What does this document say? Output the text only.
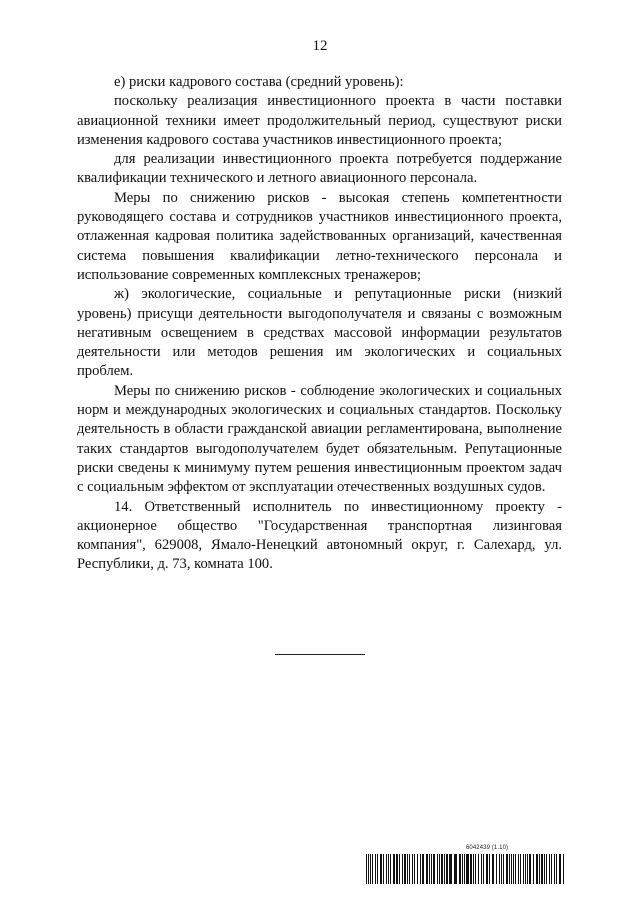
12

е) риски кадрового состава (средний уровень):

поскольку реализация инвестиционного проекта в части поставки авиационной техники имеет продолжительный период, существуют риски изменения кадрового состава участников инвестиционного проекта;

для реализации инвестиционного проекта потребуется поддержание квалификации технического и летного авиационного персонала.

Меры по снижению рисков - высокая степень компетентности руководящего состава и сотрудников участников инвестиционного проекта, отлаженная кадровая политика задействованных организаций, качественная система повышения квалификации летно-технического персонала и использование современных комплексных тренажеров;

ж) экологические, социальные и репутационные риски (низкий уровень) присущи деятельности выгодополучателя и связаны с возможным негативным освещением в средствах массовой информации результатов деятельности или методов решения им экологических и социальных проблем.

Меры по снижению рисков - соблюдение экологических и социальных норм и международных экологических и социальных стандартов. Поскольку деятельность в области гражданской авиации регламентирована, выполнение таких стандартов выгодополучателем будет обязательным. Репутационные риски сведены к минимуму путем решения инвестиционным проектом задач с социальным эффектом от эксплуатации отечественных воздушных судов.

14. Ответственный исполнитель по инвестиционному проекту - акционерное общество "Государственная транспортная лизинговая компания", 629008, Ямало-Ненецкий автономный округ, г. Салехард, ул. Республики, д. 73, комната 100.

6042439 (1.10)
